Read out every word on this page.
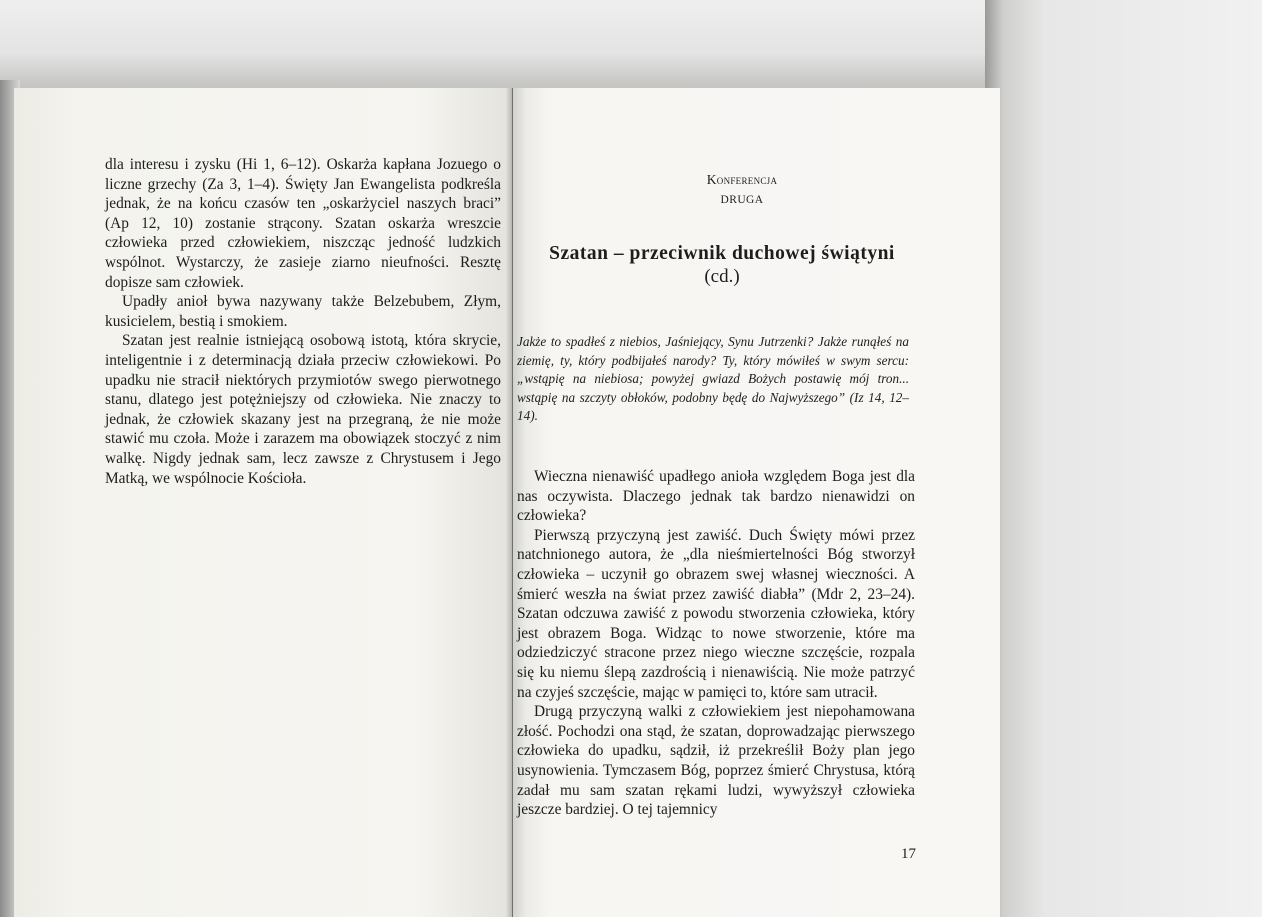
dla interesu i zysku (Hi 1, 6–12). Oskarża kapłana Jozuego o liczne grzechy (Za 3, 1–4). Święty Jan Ewangelista podkreśla jednak, że na końcu czasów ten „oskarżyciel naszych braci” (Ap 12, 10) zostanie strącony. Szatan oskarża wreszcie człowieka przed człowiekiem, niszcząc jedność ludzkich wspólnot. Wystarczy, że zasieje ziarno nieufności. Resztę dopisze sam człowiek.

Upadły anioł bywa nazywany także Belzebubem, Złym, kusicielem, bestią i smokiem.

Szatan jest realnie istniejącą osobową istotą, która skrycie, inteligentnie i z determinacją działa przeciw człowiekowi. Po upadku nie stracił niektórych przymiotów swego pierwotnego stanu, dlatego jest potężniejszy od człowieka. Nie znaczy to jednak, że człowiek skazany jest na przegraną, że nie może stawić mu czoła. Może i zarazem ma obowiązek stoczyć z nim walkę. Nigdy jednak sam, lecz zawsze z Chrystusem i Jego Matką, we wspólnocie Kościoła.

Konferencja
DRUGA
Szatan – przeciwnik duchowej świątyni
(cd.)
Jakże to spadłeś z niebios, Jaśniejący, Synu Jutrzenki? Jakże runąłeś na ziemię, ty, który podbijałeś narody? Ty, który mówiłeś w swym sercu: „wstąpię na niebiosa; powyżej gwiazd Bożych postawię mój tron... wstąpię na szczyty obłoków, podobny będę do Najwyższego” (Iz 14, 12–14).

Wieczna nienawiść upadłego anioła względem Boga jest dla nas oczywista. Dlaczego jednak tak bardzo nienawidzi on człowieka?

Pierwszą przyczyną jest zawiść. Duch Święty mówi przez natchnionego autora, że „dla nieśmiertelności Bóg stworzył człowieka – uczynił go obrazem swej własnej wieczności. A śmierć weszła na świat przez zawiść diabła” (Mdr 2, 23–24). Szatan odczuwa zawiść z powodu stworzenia człowieka, który jest obrazem Boga. Widząc to nowe stworzenie, które ma odziedziczyć stracone przez niego wieczne szczęście, rozpala się ku niemu ślepą zazdrością i nienawiścią. Nie może patrzyć na czyjeś szczęście, mając w pamięci to, które sam utracił.

Drugą przyczyną walki z człowiekiem jest niepohamowana złość. Pochodzi ona stąd, że szatan, doprowadzając pierwszego człowieka do upadku, sądził, iż przekreślił Boży plan jego usynowienia. Tymczasem Bóg, poprzez śmierć Chrystusa, którą zadał mu sam szatan rękami ludzi, wywyższył człowieka jeszcze bardziej. O tej tajemnicy

17
